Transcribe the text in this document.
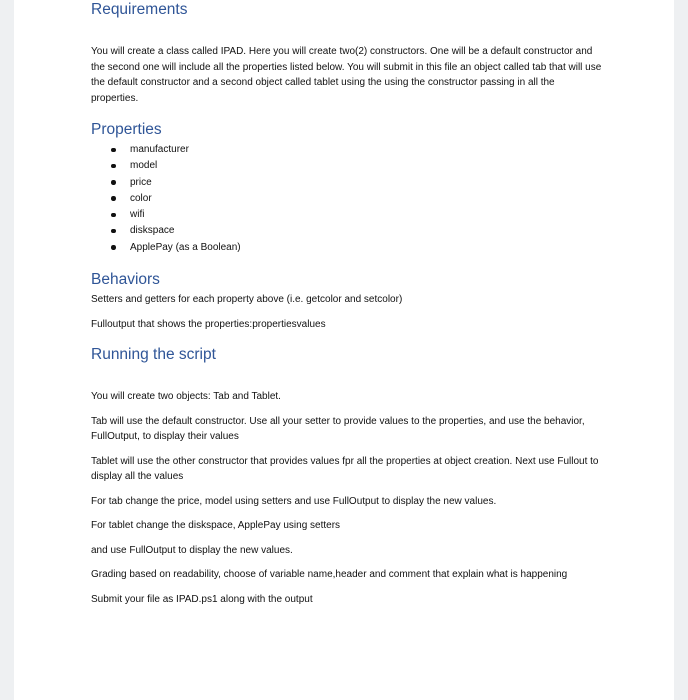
Requirements

You will create a class called IPAD. Here you will create two(2) constructors. One will be a default constructor and the second one will include all the properties listed below. You will submit in this file an object called tab that will use the default constructor and a second object called tablet using the using the constructor passing in all the properties.

Properties
manufacturer
model
price
color
wifi
diskspace
ApplePay (as a Boolean)
Behaviors

Setters and getters for each property above (i.e. getcolor and setcolor)

Fulloutput that shows the properties:propertiesvalues

Running the script

You will create two objects: Tab and Tablet.

Tab will use the default constructor. Use all your setter to provide values to the properties, and use the behavior, FullOutput, to display their values

Tablet will use the other constructor that provides values fpr all the properties at object creation. Next use Fullout to display all the values

For tab change the price, model using setters and use FullOutput to display the new values.

For tablet change the diskspace, ApplePay using setters

and use FullOutput to display the new values.

Grading based on readability, choose of variable name,header and comment that explain what is happening

Submit your file as IPAD.ps1 along with the output
